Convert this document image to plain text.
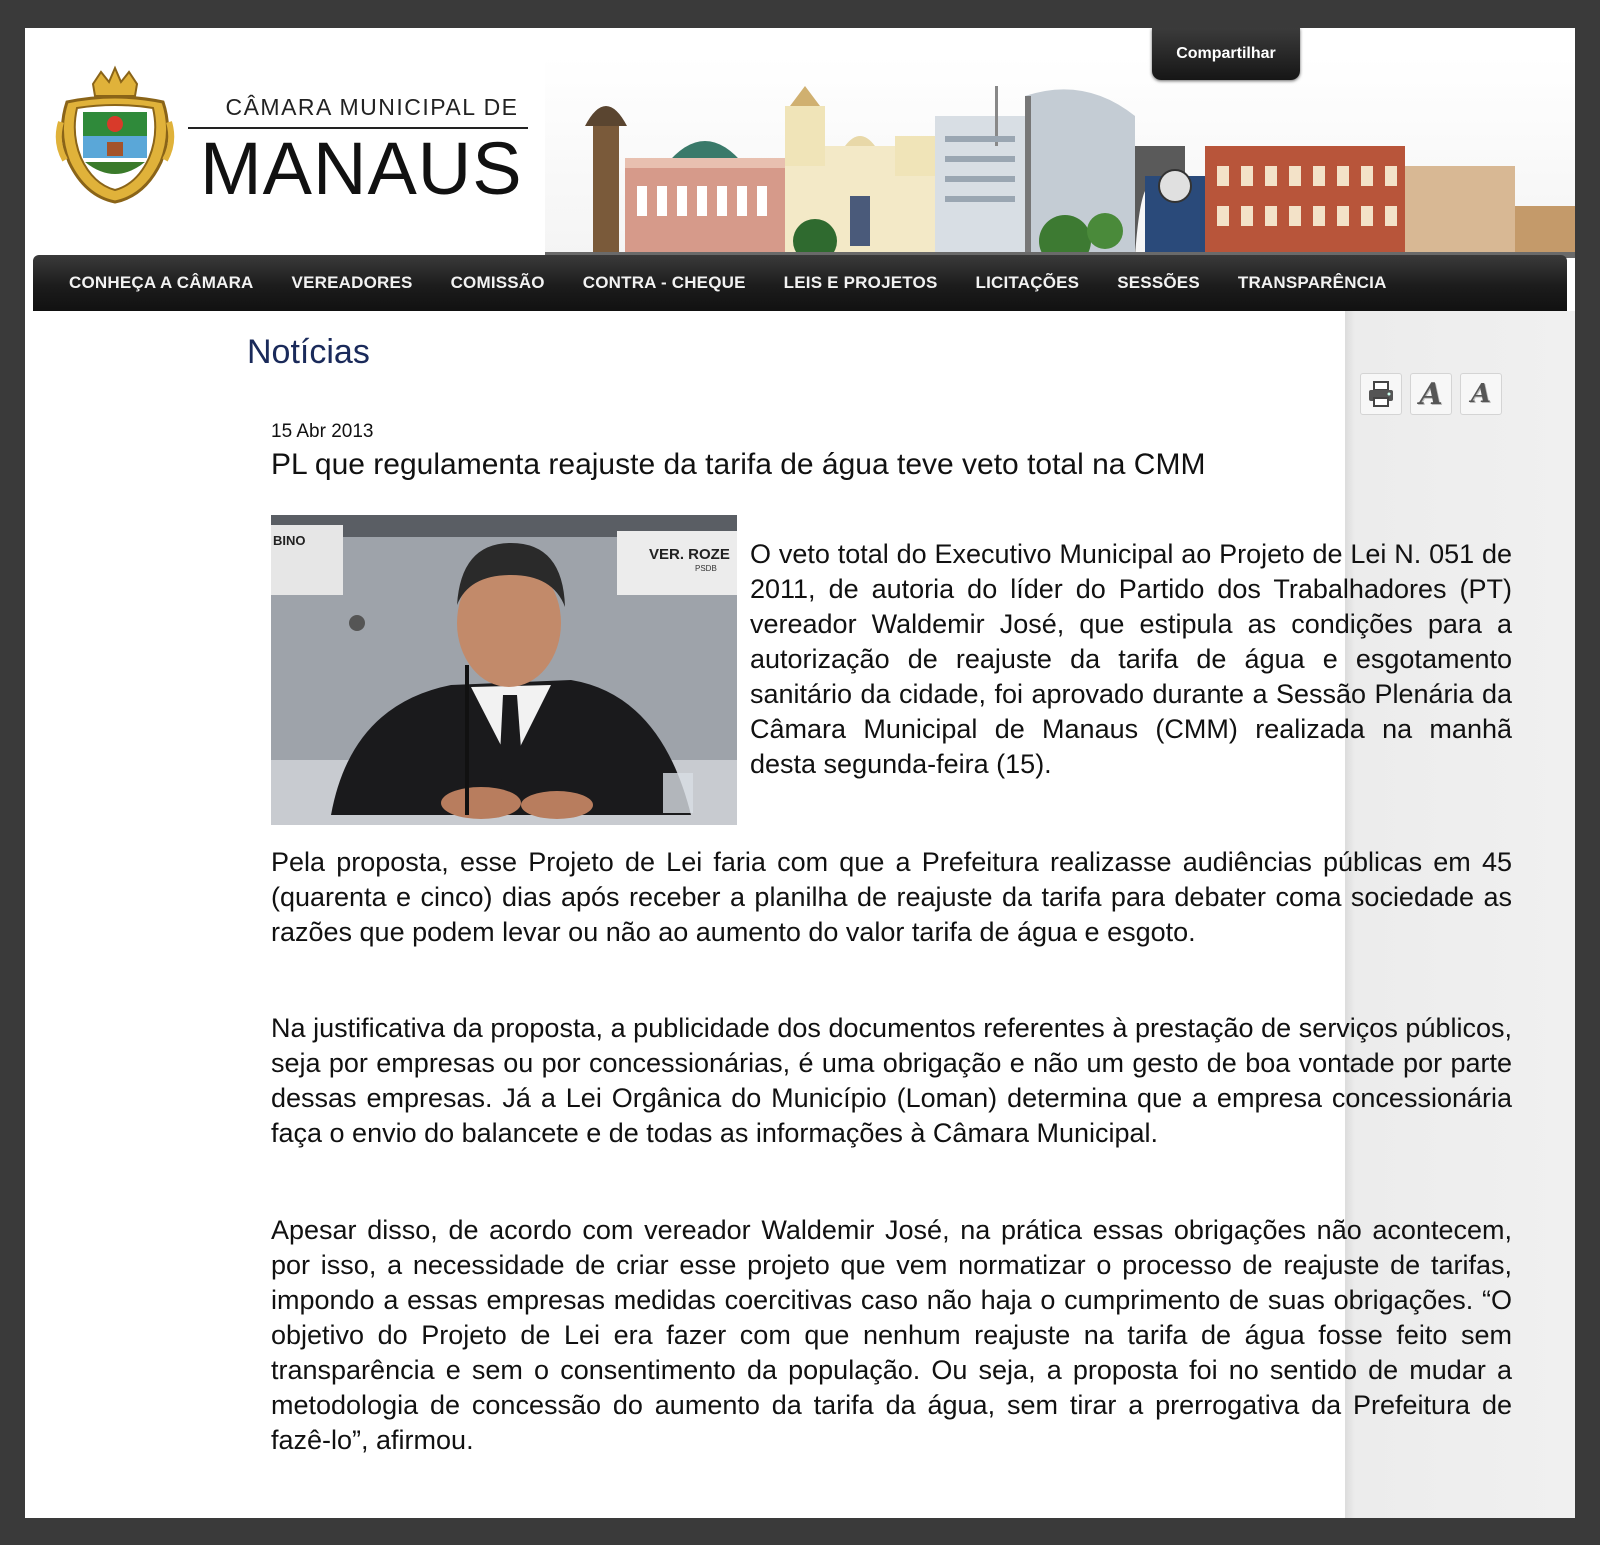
CÂMARA MUNICIPAL DE
MANAUS
Compartilhar
CONHEÇA A CÂMARA VEREADORES COMISSÃO CONTRA - CHEQUE LEIS E PROJETOS LICITAÇÕES SESSÕES TRANSPARÊNCIA
Notícias
A A
15 Abr 2013
PL que regulamenta reajuste da tarifa de água teve veto total na CMM
BINO
VER. ROZE
PSDB O veto total do Executivo Municipal ao Projeto de Lei N. 051 de 2011, de autoria do líder do Partido dos Trabalhadores (PT) vereador Waldemir José, que estipula as condições para a autorização de reajuste da tarifa de água e esgotamento sanitário da cidade, foi aprovado durante a Sessão Plenária da Câmara Municipal de Manaus (CMM) realizada na manhã desta segunda-feira (15).

Pela proposta, esse Projeto de Lei faria com que a Prefeitura realizasse audiências públicas em 45 (quarenta e cinco) dias após receber a planilha de reajuste da tarifa para debater coma sociedade as razões que podem levar ou não ao aumento do valor tarifa de água e esgoto.

Na justificativa da proposta, a publicidade dos documentos referentes à prestação de serviços públicos, seja por empresas ou por concessionárias, é uma obrigação e não um gesto de boa vontade por parte dessas empresas. Já a Lei Orgânica do Município (Loman) determina que a empresa concessionária faça o envio do balancete e de todas as informações à Câmara Municipal.

Apesar disso, de acordo com vereador Waldemir José, na prática essas obrigações não acontecem, por isso, a necessidade de criar esse projeto que vem normatizar o processo de reajuste de tarifas, impondo a essas empresas medidas coercitivas caso não haja o cumprimento de suas obrigações. “O objetivo do Projeto de Lei era fazer com que nenhum reajuste na tarifa de água fosse feito sem transparência e sem o consentimento da população. Ou seja, a proposta foi no sentido de mudar a metodologia de concessão do aumento da tarifa da água, sem tirar a prerrogativa da Prefeitura de fazê-lo”, afirmou.
